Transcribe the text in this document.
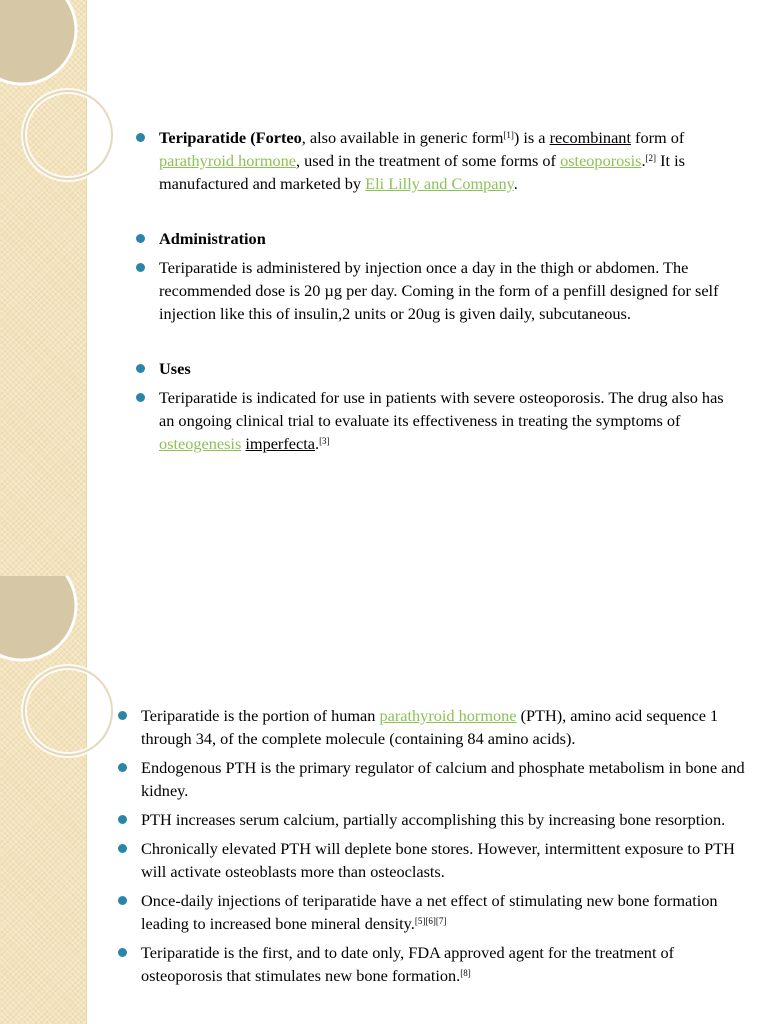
Teriparatide (Forteo, also available in generic form[1]) is a recombinant form of parathyroid hormone, used in the treatment of some forms of osteoporosis.[2] It is manufactured and marketed by Eli Lilly and Company.
Administration
Teriparatide is administered by injection once a day in the thigh or abdomen. The recommended dose is 20 µg per day. Coming in the form of a penfill designed for self injection like this of insulin,2 units or 20ug is given daily, subcutaneous.
Uses
Teriparatide is indicated for use in patients with severe osteoporosis. The drug also has an ongoing clinical trial to evaluate its effectiveness in treating the symptoms of osteogenesis imperfecta.[3]
Teriparatide is the portion of human parathyroid hormone (PTH), amino acid sequence 1 through 34, of the complete molecule (containing 84 amino acids).
Endogenous PTH is the primary regulator of calcium and phosphate metabolism in bone and kidney.
PTH increases serum calcium, partially accomplishing this by increasing bone resorption.
Chronically elevated PTH will deplete bone stores. However, intermittent exposure to PTH will activate osteoblasts more than osteoclasts.
Once-daily injections of teriparatide have a net effect of stimulating new bone formation leading to increased bone mineral density.[5][6][7]
Teriparatide is the first, and to date only, FDA approved agent for the treatment of osteoporosis that stimulates new bone formation.[8]
